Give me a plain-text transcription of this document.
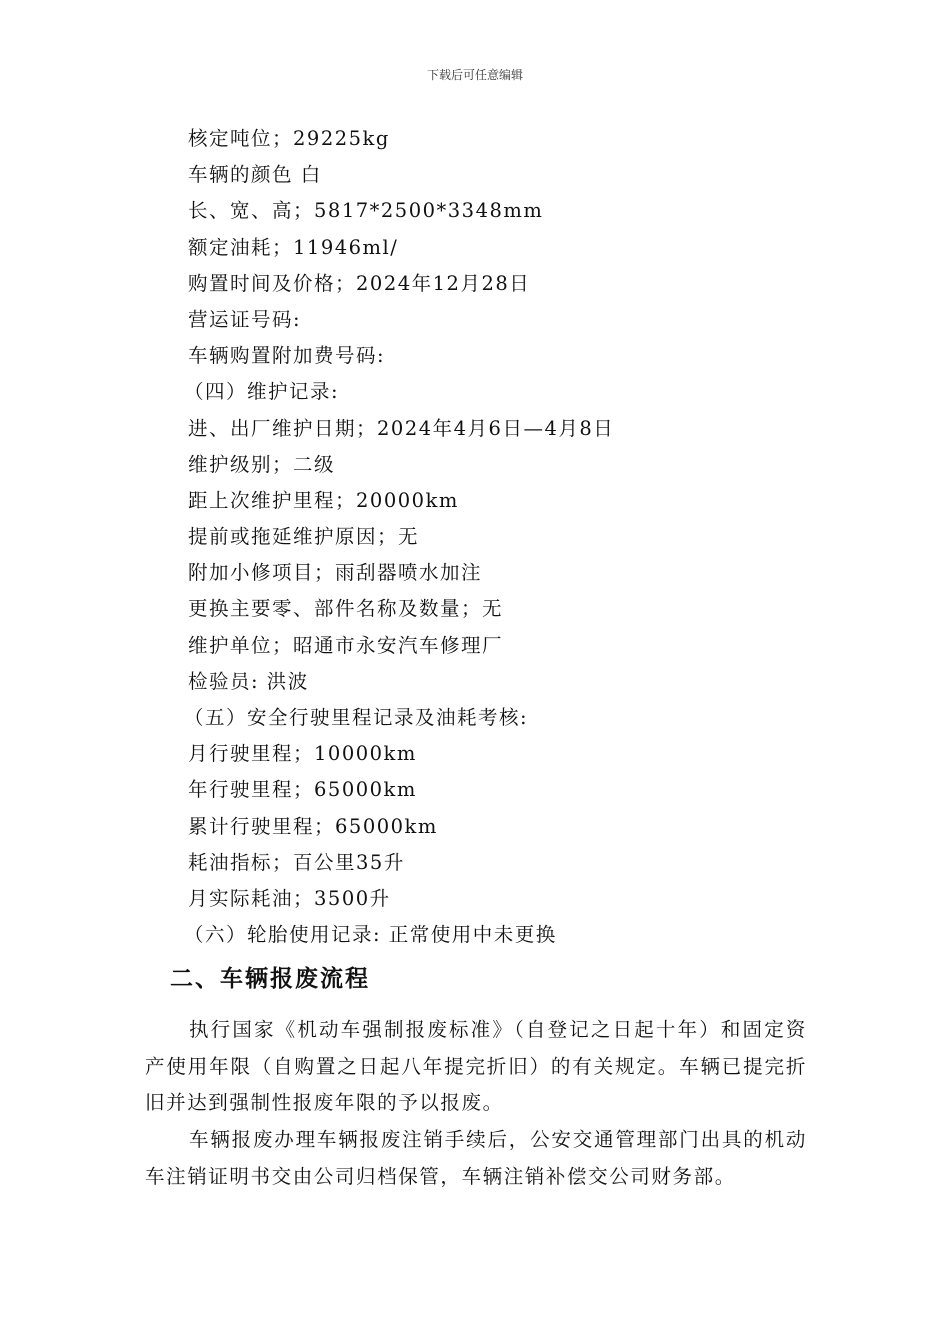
下载后可任意编辑
核定吨位；29225kg
车辆的颜色 白
长、宽、高；5817*2500*3348mm
额定油耗；11946ml/
购置时间及价格；2024年12月28日
营运证号码:
车辆购置附加费号码:
（四）维护记录:
进、出厂维护日期；2024年4月6日—4月8日
维护级别；二级
距上次维护里程；20000km
提前或拖延维护原因；无
附加小修项目；雨刮器喷水加注
更换主要零、部件名称及数量；无
维护单位；昭通市永安汽车修理厂
检验员: 洪波
（五）安全行驶里程记录及油耗考核:
月行驶里程；10000km
年行驶里程；65000km
累计行驶里程；65000km
耗油指标；百公里35升
月实际耗油；3500升
（六）轮胎使用记录: 正常使用中未更换
二、车辆报废流程

执行国家《机动车强制报废标准》（自登记之日起十年）和固定资产使用年限（自购置之日起八年提完折旧）的有关规定。车辆已提完折旧并达到强制性报废年限的予以报废。

车辆报废办理车辆报废注销手续后，公安交通管理部门出具的机动车注销证明书交由公司归档保管，车辆注销补偿交公司财务部。
